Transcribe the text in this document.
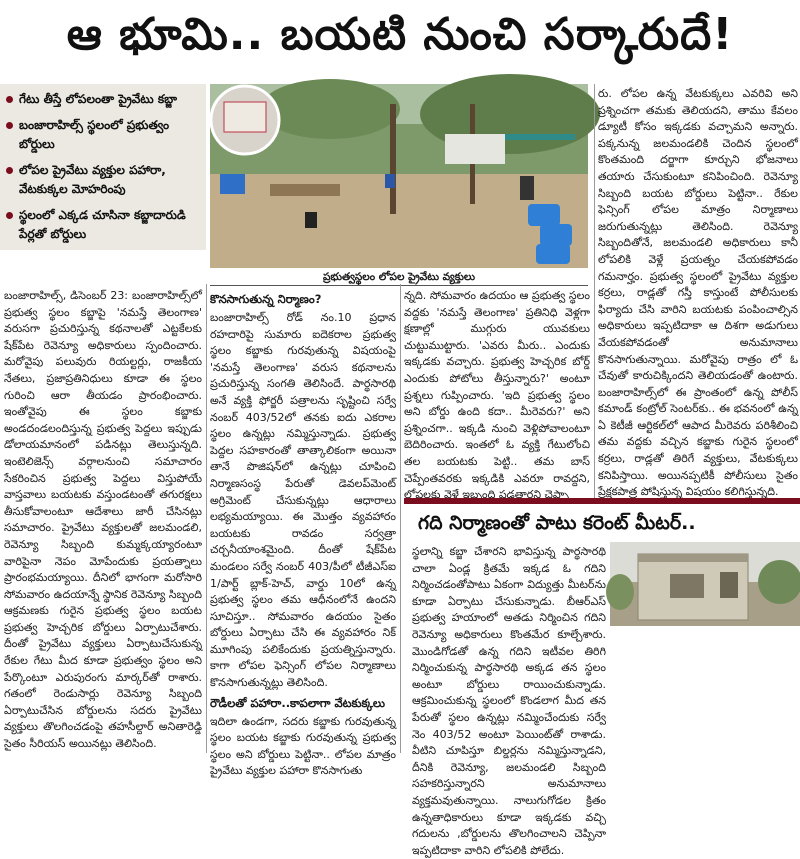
ఆ భూమి.. బయటి నుంచి సర్కారుదే!
గేటు తీస్తే లోపలంతా ప్రైవేటు కబ్జా
బంజారాహిల్స్‌ స్థలంలో ప్రభుత్వం బోర్డులు
లోపల ప్రైవేటు వ్యక్తుల పహారా, వేటకుక్కల మోహరింపు
స్థలంలో ఎక్కడ చూసినా కబ్జాదారుడి పేర్లతో బోర్డులు
ప్రభుత్వస్థలం లోపల ప్రైవేటు వ్యక్తులు

బంజారాహిల్స్‌, డిసెంబర్‌ 23: బంజారాహిల్స్‌లో ప్రభుత్వ స్థలం కబ్జాపై 'నమస్తే తెలంగాణ' వరుసగా ప్రచురిస్తున్న కథనాలతో ఎట్టకేలకు షేక్‌పేట రెవెన్యూ అధికారులు స్పందించారు. మరోవైపు పలువురు రియల్టర్లు, రాజకీయ నేతలు, ప్రజాప్రతినిధులు కూడా ఈ స్థలం గురించి ఆరా తీయడం ప్రారంభించారు. ఇంతోవైపు ఈ స్థలం కబ్జాకు అండదండలందిస్తున్న ప్రభుత్వ పెద్దలు ఇప్పుడు డోలాయమానంలో పడినట్లు తెలుస్తున్నది. ఇంటెలిజెన్స్‌ వర్గాలనుంచి సమాచారం సేకరించిన ప్రభుత్వ పెద్దలు విస్తుపోయే వాస్తవాలు బయటకు వస్తుండటంతో తగురక్షలు తీసుకోవాలంటూ ఆదేశాలు జారీ చేసినట్లు సమాచారం. ప్రైవేటు వ్యక్తులతో జలమండలి, రెవెన్యూ సిబ్బంది కుమ్మక్కయ్యారంటూ వారిపైనా నెపం మోపేందుకు ప్రయత్నాలు ప్రారంభమయ్యాయి. దీనిలో భాగంగా మరోసారి సోమవారం ఉదయాన్నే స్థానిక రెవెన్యూ సిబ్బంది ఆక్రమణకు గురైన ప్రభుత్వ స్థలం బయట ప్రభుత్వ హెచ్చరిక బోర్డులు ఏర్పాటుచేశారు. దీంతో ప్రైవేటు వ్యక్తులు ఏర్పాటుచేసుకున్న రేకుల గేటు మీద కూడా ప్రభుత్వం స్థలం అని పేర్కొంటూ ఎరుపురంగు మార్కర్‌తో రాశారు. గతంలో రెండుసార్లు రెవెన్యూ సిబ్బంది ఏర్పాటుచేసిన బోర్డులను సదరు ప్రైవేటు వ్యక్తులు తొలగించడంపై తహసీల్దార్‌ అనితారెడ్డి సైతం సీరియస్‌ అయినట్లు తెలిసింది.

కొనసాగుతున్న నిర్మాణం?

బంజారాహిల్స్‌ రోడ్‌ నం.10 ప్రధాన రహదారిపై సుమారు ఐదెకరాల ప్రభుత్వ స్థలం కబ్జాకు గురవుతున్న విషయంపై 'నమస్తే తెలంగాణ' వరుస కథనాలను ప్రచురిస్తున్న సంగతి తెలిసిందే. పార్థసారథి అనే వ్యక్తి ఫోర్జరీ పత్రాలను సృష్టించి సర్వే నంబర్‌ 403/52లో తనకు ఐదు ఎకరాల స్థలం ఉన్నట్లు నమ్మిస్తున్నాడు. ప్రభుత్వ పెద్దల సహకారంతో తాత్కాలికంగా అయినా తానే పొజిషన్‌లో ఉన్నట్లు చూపించి నిర్మాణసంస్థ పేరుతో డెవలప్‌మెంట్‌ అగ్రిమెంట్‌ చేసుకున్నట్లు ఆధారాలు లభ్యమయ్యాయి. ఈ మొత్తం వ్యవహారం బయటకు రావడం సర్వత్రా చర్చనీయాంశమైంది. దీంతో షేక్‌పేట మండలం సర్వే నంబర్‌ 403/పీలో టీజీఎస్‌ఐ 1/పార్ట్‌ బ్లాక్‌-హెచ్‌, వార్డు 10లో ఉన్న ప్రభుత్వ స్థలం తమ ఆధీనంలోనే ఉందని సూచిస్తూ.. సోమవారం ఉదయం సైతం బోర్డులు ఏర్పాటు చేసి ఈ వ్యవహారం నిక్ మూగింపు పలికేందుకు ప్రయత్నిస్తున్నారు. కాగా లోపల ఫెన్సింగ్‌ లోపల నిర్మాణాలు కొనసాగుతున్నట్లు తెలిసింది.

రౌడీలతో పహారా..కాపలాగా వేటకుక్కలు

ఇదిలా ఉండగా, సదరు కబ్జాకు గురవుతున్న స్థలం బయట కబ్జాకు గురవుతున్న ప్రభుత్వ స్థలం అని బోర్డులు పెట్టినా.. లోపల మాత్రం ప్రైవేటు వ్యక్తుల పహారా కొనసాగుతు

న్నది. సోమవారం ఉదయం ఆ ప్రభుత్వ స్థలం వద్దకు 'నమస్తే తెలంగాణ' ప్రతినిధి వెళ్లగా క్షణాల్లో ముగ్గురు యువకులు చుట్టుముట్టారు. 'ఎవరు మీరు.. ఎందుకు ఇక్కడకు వచ్చారు. ప్రభుత్వ హెచ్చరిక బోర్డ్‌ ఎందుకు పోటోలు తీస్తున్నారు?' అంటూ ప్రశ్నలు గుప్పించారు. 'ఇది ప్రభుత్వ స్థలం అని బోర్డు ఉంది కదా.. మీరెవరు?' అని ప్రశ్నించగా.. ఇక్కడి నుంచి వెళ్లిపోవాలంటూ బెదిరించారు. ఇంతలో ఓ వ్యక్తి గేటులోంచి తల బయటకు పెట్టి.. తమ బాస్‌ చెప్పేంతవరకు ఇక్కడికి ఎవరూ రావద్దని, లోపలకు వెళ్లే ఇబ్బంది పడతారని చెప్పా

రు. లోపల ఉన్న వేటకుక్కలు ఎవరివి అని ప్రశ్నించగా తమకు తెలియదని, తాము కేవలం డ్యూటీ కోసం ఇక్కడకు వచ్చామని అన్నారు. పక్కనున్న జలమండలికి చెందిన స్థలంలో కొంతమంది దర్జాగా కూర్చుని భోజనాలు తయారు చేసుకుంటూ కనిపించింది. రెవెన్యూ సిబ్బంది బయట బోర్డులు పెట్టినా.. రేకుల ఫెన్సింగ్‌ లోపల మాత్రం నిర్మాణాలు జరుగుతున్నట్లు తెలిసింది. రెవెన్యూ సిబ్బందితోనే, జలమండలి అధికారులు కానీ లోపలికి వెళ్లే ప్రయత్నం చేయకపోవడం గమనార్హం. ప్రభుత్వ స్థలంలో ప్రైవేటు వ్యక్తుల కర్రలు, రాడ్లతో గస్తీ కాస్తుంటే పోలీసులకు ఫిర్యాదు చేసి వారిని బయటకు పంపించాల్సిన అధికారులు ఇప్పటిదాకా ఆ దిశగా అడుగులు వేయకపోవడంతో అనుమానాలు కొనసాగుతున్నాయి. మరోవైపు రాత్రం లో ఓ చేవుతో కారుచిక్కిందని తెలియడంతో ఉంటారు. బంజారాహిల్స్‌లో ఈ ప్రాంతంలో ఉన్న పోలీస్‌ కమాండ్‌ కంట్రోల్‌ సెంటర్‌కు.. ఈ భవనంలో ఉన్న ఏ కెటీజీ ఆర్టికల్‌లో ఆపాద మీరెవరు పరిశీలించి తమ వద్దకు వచ్చిన కబ్జాకు గురైన స్థలంలో కర్రలు, రాడ్లతో తిరిగే వ్యక్తులు, వేటకుక్కలు కనిపిస్తాయి. అయినప్పటికీ పోలీసులు సైతం ప్రేక్షకపాత్ర పోషిస్తున్న విషయం కలిగిస్తున్నది.

గది నిర్మాణంతో పాటు కరెంట్‌ మీటర్‌..

స్థలాన్ని కబ్జా చేశారని భావిస్తున్న పార్థసారథి చాలా ఏండ్ల క్రితమే ఇక్కడ ఓ గదిని నిర్మించడంతోపాటు ఏకంగా విద్యుత్తు మీటర్‌ను కూడా ఏర్పాటు చేసుకున్నాడు. బీఆర్‌ఎస్‌ ప్రభుత్వ హయాంలో అతడు నిర్మించిన గదిని రెవెన్యూ అధికారులు కొంతమేర కూల్చేశారు. మొండిగోడతో ఉన్న గదిని ఇటీవల తిరిగి నిర్మించుకున్న పార్థసారథి అక్కడ తన స్థలం అంటూ బోర్డులు రాయించుకున్నాడు. ఆక్రమించుకున్న స్థలంలో కొండలాగ మీద తన పేరుతో స్థలం ఉన్నట్లు నమ్మించేందుకు సర్వే నెం 403/52 అంటూ పెయింట్‌తో రాశాడు. వీటిని చూపిస్తూ బిల్డర్లను నమ్మిస్తున్నాడని, దీనికి రెవెన్యూ, జలమండలి సిబ్బంది సహకరిస్తున్నారని అనుమానాలు వ్యక్తమవుతున్నాయి. నాలుగుగోడల క్రితం ఉన్నతాధికారులు కూడా ఇక్కడకు వచ్చి గదులను ,బోర్డులను తొలగించాలని చెప్పినా ఇప్పటిదాకా వారిని లోపలికి పోలేదు.
